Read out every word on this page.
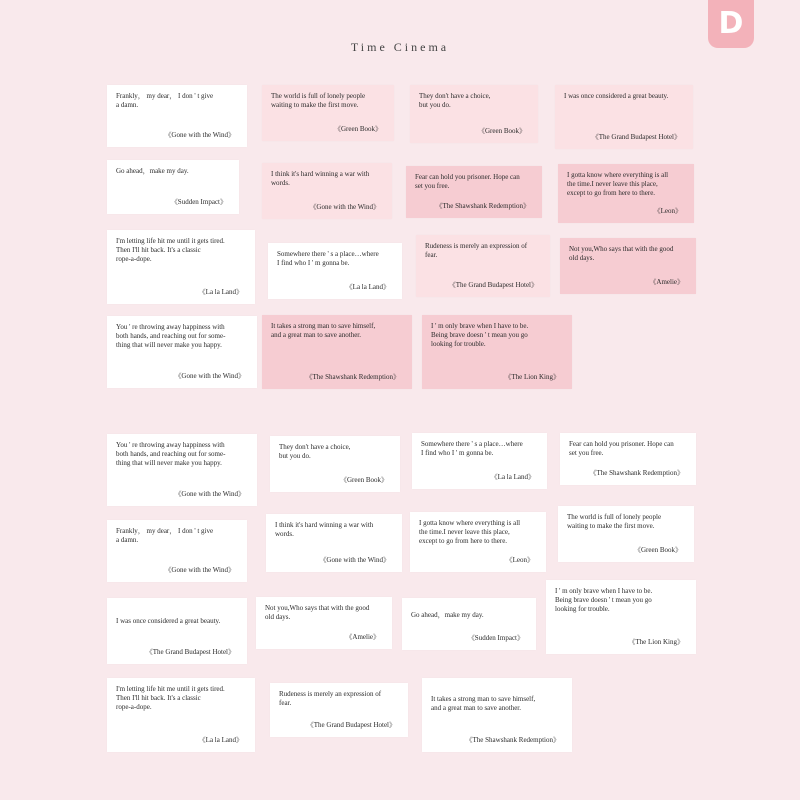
D
Time Cinema
Frankly， my dear， I don ' t give
a damn.
《Gone with the Wind》
The world is full of lonely people
waiting to make the first move.
《Green Book》
They don't have a choice,
but you do.
《Green Book》
I was once considered a great beauty.
《The Grand Budapest Hotel》
Go ahead，make my day.
《Sudden Impact》
I think it's hard winning a war with
words.
《Gone with the Wind》
Fear can hold you prisoner. Hope can
set you free.
《The Shawshank Redemption》
I gotta know where everything is all
the time.I never leave this place,
except to go from here to there.
《Leon》
I'm letting life hit me until it gets tired.
Then I'll hit back. It's a classic
rope-a-dope.
《La la Land》
Somewhere there ' s a place…where
I find who I ' m gonna be.
《La la Land》
Rudeness is merely an expression of
fear.
《The Grand Budapest Hotel》
Not you,Who says that with the good
old days.
《Amelie》
You ' re throwing away happiness with
both hands, and reaching out for some-
thing that will never make you happy.
《Gone with the Wind》
It takes a strong man to save himself,
and a great man to save another.
《The Shawshank Redemption》
I ' m only brave when I have to be.
Being brave doesn ' t mean you go
looking for trouble.
《The Lion King》
You ' re throwing away happiness with
both hands, and reaching out for some-
thing that will never make you happy.
《Gone with the Wind》
They don't have a choice,
but you do.
《Green Book》
Somewhere there ' s a place…where
I find who I ' m gonna be.
《La la Land》
Fear can hold you prisoner. Hope can
set you free.
《The Shawshank Redemption》
Frankly， my dear， I don ' t give
a damn.
《Gone with the Wind》
I think it's hard winning a war with
words.
《Gone with the Wind》
I gotta know where everything is all
the time.I never leave this place,
except to go from here to there.
《Leon》
The world is full of lonely people
waiting to make the first move.
《Green Book》
I was once considered a great beauty.
《The Grand Budapest Hotel》
Not you,Who says that with the good
old days.
《Amelie》
Go ahead，make my day.
《Sudden Impact》
I ' m only brave when I have to be.
Being brave doesn ' t mean you go
looking for trouble.
《The Lion King》
I'm letting life hit me until it gets tired.
Then I'll hit back. It's a classic
rope-a-dope.
《La la Land》
Rudeness is merely an expression of
fear.
《The Grand Budapest Hotel》
It takes a strong man to save himself,
and a great man to save another.
《The Shawshank Redemption》
